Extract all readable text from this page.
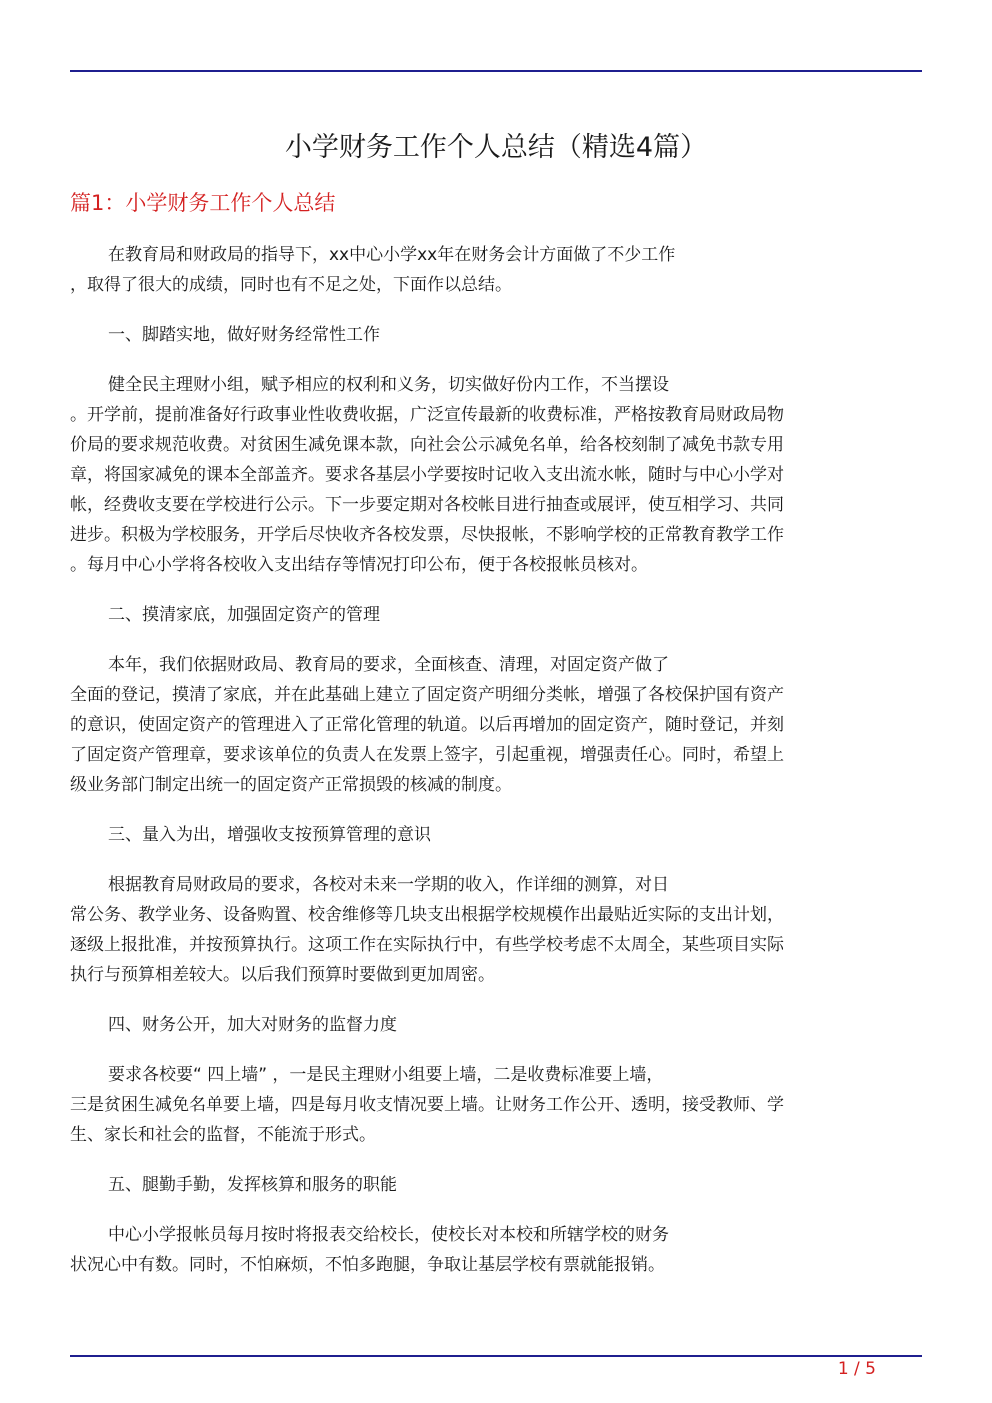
小学财务工作个人总结（精选4篇）
篇1：小学财务工作个人总结

在教育局和财政局的指导下，xx中心小学xx年在财务会计方面做了不少工作
，取得了很大的成绩，同时也有不足之处，下面作以总结。

一、脚踏实地，做好财务经常性工作

健全民主理财小组，赋予相应的权利和义务，切实做好份内工作，不当摆设
。开学前，提前准备好行政事业性收费收据，广泛宣传最新的收费标准，严格按教育局财政局物
价局的要求规范收费。对贫困生减免课本款，向社会公示减免名单，给各校刻制了减免书款专用
章，将国家减免的课本全部盖齐。要求各基层小学要按时记收入支出流水帐，随时与中心小学对
帐，经费收支要在学校进行公示。下一步要定期对各校帐目进行抽查或展评，使互相学习、共同
进步。积极为学校服务，开学后尽快收齐各校发票，尽快报帐，不影响学校的正常教育教学工作
。每月中心小学将各校收入支出结存等情况打印公布，便于各校报帐员核对。

二、摸清家底，加强固定资产的管理

本年，我们依据财政局、教育局的要求，全面核查、清理，对固定资产做了
全面的登记，摸清了家底，并在此基础上建立了固定资产明细分类帐，增强了各校保护国有资产
的意识，使固定资产的管理进入了正常化管理的轨道。以后再增加的固定资产，随时登记，并刻
了固定资产管理章，要求该单位的负责人在发票上签字，引起重视，增强责任心。同时，希望上
级业务部门制定出统一的固定资产正常损毁的核减的制度。

三、量入为出，增强收支按预算管理的意识

根据教育局财政局的要求，各校对未来一学期的收入，作详细的测算，对日
常公务、教学业务、设备购置、校舍维修等几块支出根据学校规模作出最贴近实际的支出计划，
逐级上报批准，并按预算执行。这项工作在实际执行中，有些学校考虑不太周全，某些项目实际
执行与预算相差较大。以后我们预算时要做到更加周密。

四、财务公开，加大对财务的监督力度

要求各校要“ 四上墙” ，一是民主理财小组要上墙，二是收费标准要上墙，
三是贫困生减免名单要上墙，四是每月收支情况要上墙。让财务工作公开、透明，接受教师、学
生、家长和社会的监督，不能流于形式。

五、腿勤手勤，发挥核算和服务的职能

中心小学报帐员每月按时将报表交给校长，使校长对本校和所辖学校的财务
状况心中有数。同时，不怕麻烦，不怕多跑腿，争取让基层学校有票就能报销。

1 / 5
